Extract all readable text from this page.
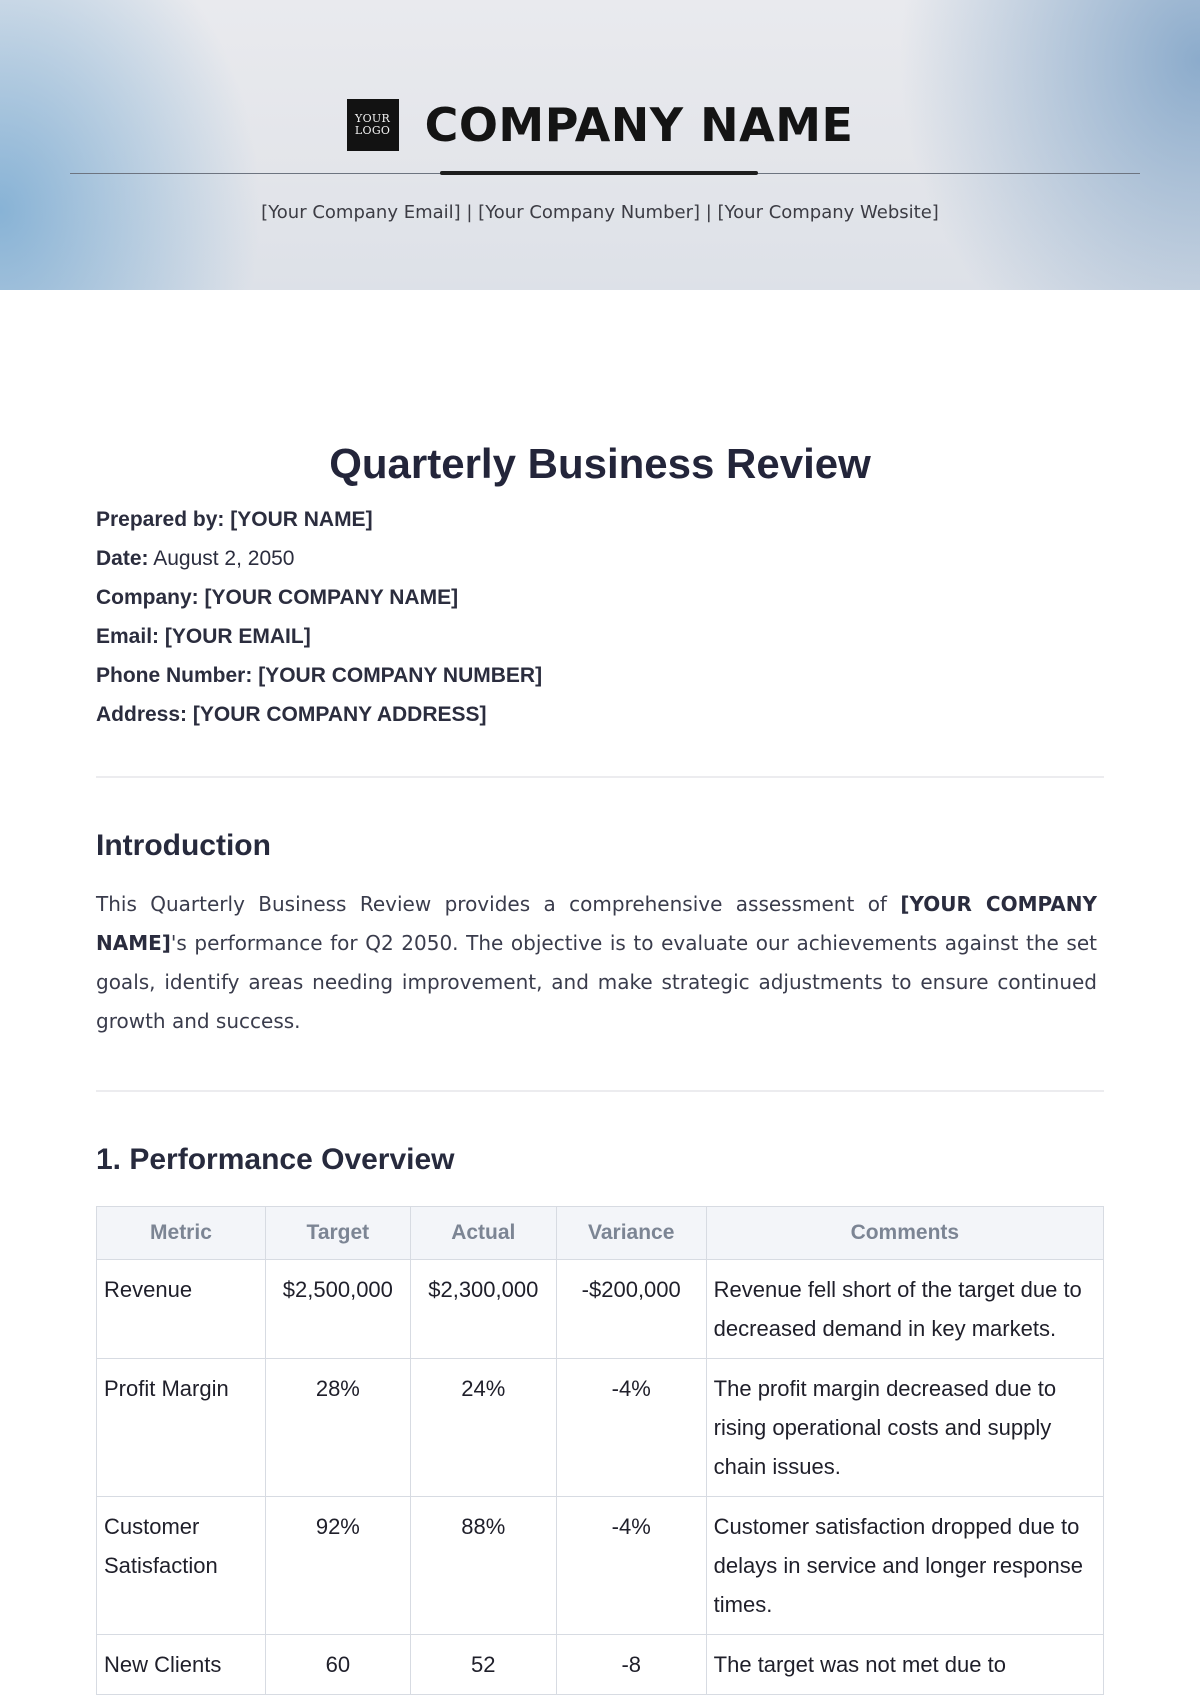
YOUR
LOGO COMPANY NAME
[Your Company Email] | [Your Company Number] | [Your Company Website]
Quarterly Business Review
Prepared by: [YOUR NAME]
Date: August 2, 2050
Company: [YOUR COMPANY NAME]
Email: [YOUR EMAIL]
Phone Number: [YOUR COMPANY NUMBER]
Address: [YOUR COMPANY ADDRESS]
Introduction
This Quarterly Business Review provides a comprehensive assessment of [YOUR COMPANY NAME]'s performance for Q2 2050. The objective is to evaluate our achievements against the set goals, identify areas needing improvement, and make strategic adjustments to ensure continued growth and success.
1. Performance Overview
Metric	Target	Actual	Variance	Comments
Revenue	$2,500,000	$2,300,000	-$200,000	Revenue fell short of the target due to decreased demand in key markets.
Profit Margin	28%	24%	-4%	The profit margin decreased due to rising operational costs and supply chain issues.
Customer Satisfaction	92%	88%	-4%	Customer satisfaction dropped due to delays in service and longer response times.
New Clients	60	52	-8	The target was not met due to
